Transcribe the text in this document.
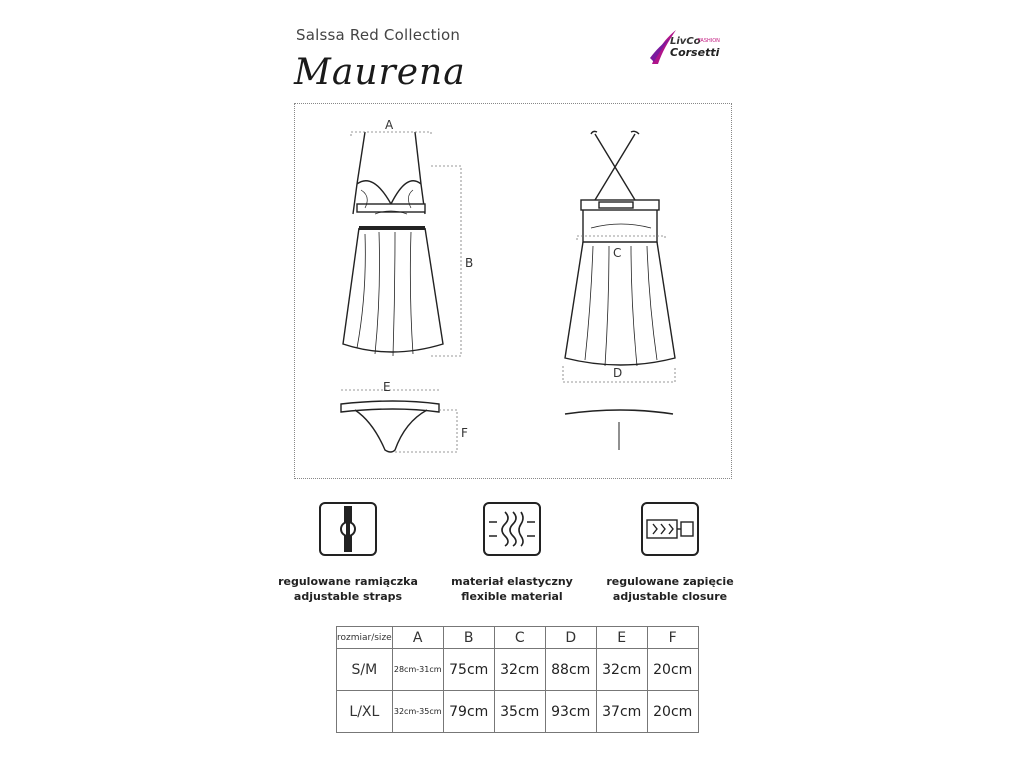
Salssa Red Collection
Maurena
LivCo
FASHION
Corsetti
A
B
C
D
E
F
regulowane ramiączka
adjustable straps
materiał elastyczny
flexible material
regulowane zapięcie
adjustable closure
rozmiar/size	A	B	C	D	E	F
S/M	28cm-31cm	75cm	32cm	88cm	32cm	20cm
L/XL	32cm-35cm	79cm	35cm	93cm	37cm	20cm
